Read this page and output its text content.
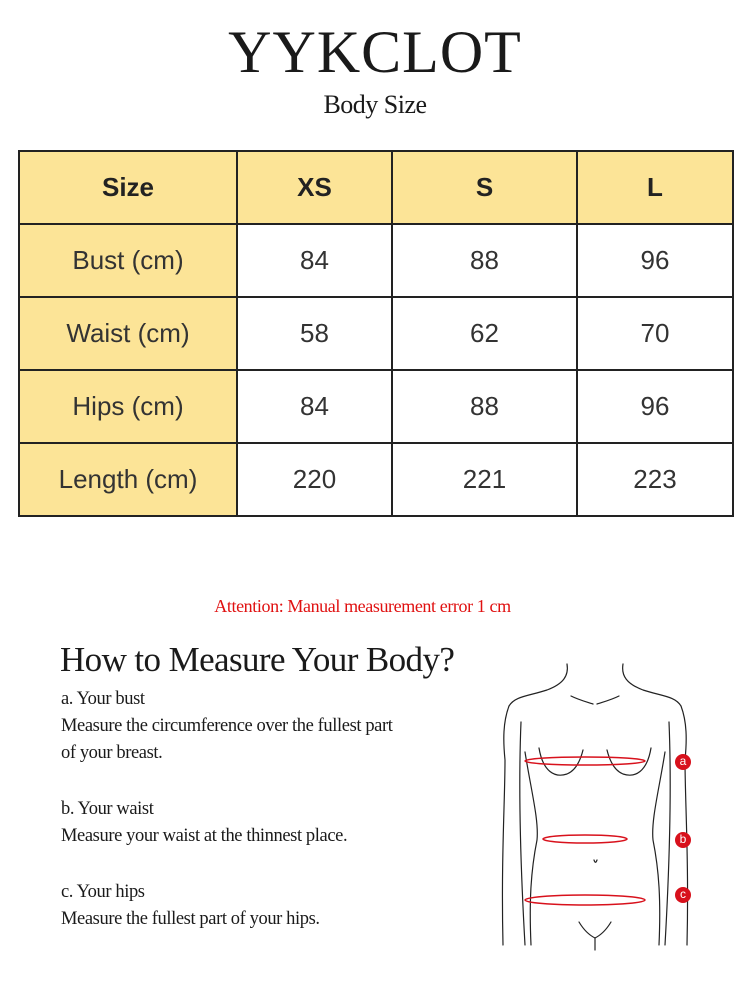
YYKCLOT
Body Size
Size	XS	S	L
Bust (cm)	84	88	96
Waist (cm)	58	62	70
Hips (cm)	84	88	96
Length (cm)	220	221	223
Attention: Manual measurement error 1 cm
How to Measure Your Body?
a. Your bust
Measure the circumference over the fullest part
of your breast.
b. Your waist
Measure your waist at the thinnest place.
c. Your hips
Measure the fullest part of your hips.
a
b
c
